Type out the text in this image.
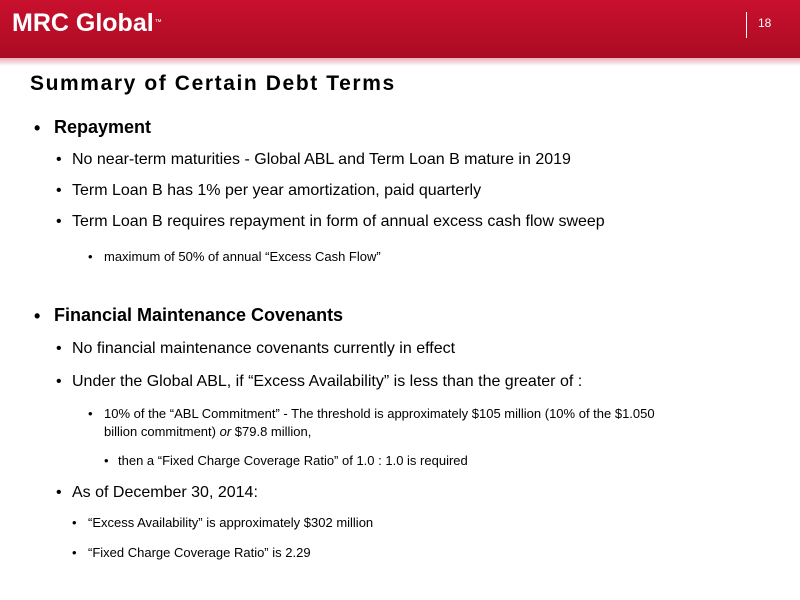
MRC Global™	18
Summary of Certain Debt Terms
• Repayment
• No near-term maturities - Global ABL and Term Loan B mature in 2019
• Term Loan B has 1% per year amortization, paid quarterly
• Term Loan B requires repayment in form of annual excess cash flow sweep
• maximum of 50% of annual “Excess Cash Flow”
• Financial Maintenance Covenants
• No financial maintenance covenants currently in effect
• Under the Global ABL, if “Excess Availability” is less than the greater of :
• 10% of the “ABL Commitment” - The threshold is approximately $105 million (10% of the $1.050
billion commitment) or $79.8 million,
• then a “Fixed Charge Coverage Ratio” of 1.0 : 1.0 is required
• As of December 30, 2014:
• “Excess Availability” is approximately $302 million
• “Fixed Charge Coverage Ratio” is 2.29
